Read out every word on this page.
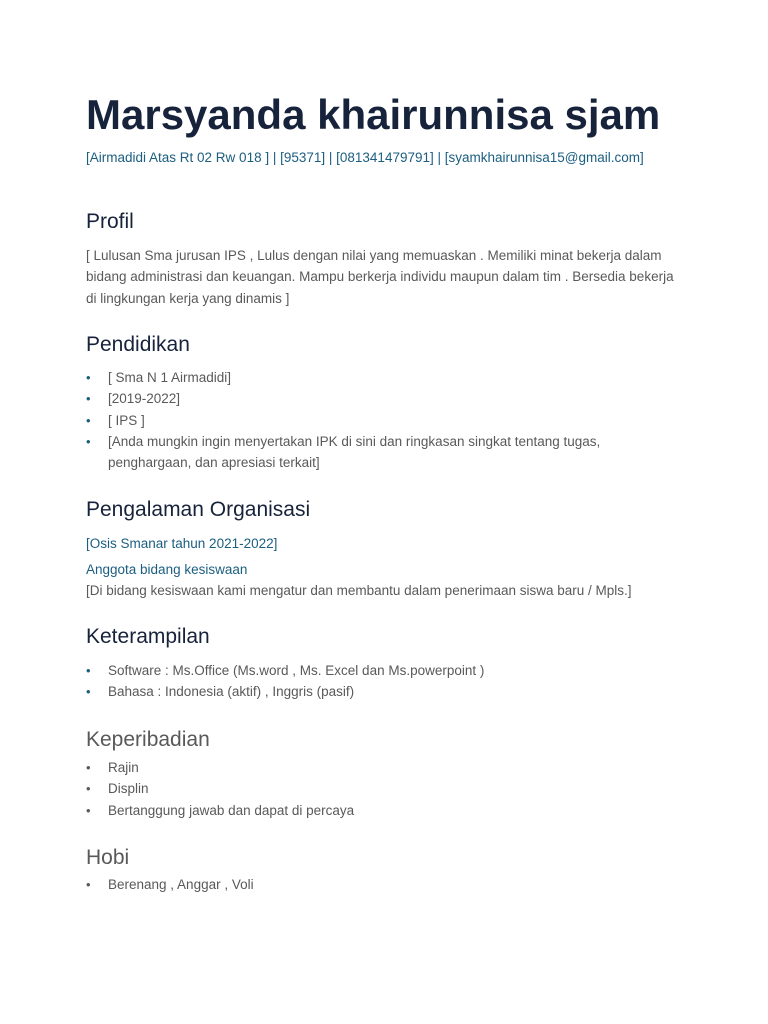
Marsyanda khairunnisa sjam

[Airmadidi Atas Rt 02 Rw 018 ] | [95371] | [081341479791] | [syamkhairunnisa15@gmail.com]

Profil

[ Lulusan Sma jurusan IPS , Lulus dengan nilai yang memuaskan . Memiliki minat bekerja dalam bidang administrasi dan keuangan. Mampu berkerja individu maupun dalam tim . Bersedia bekerja di lingkungan kerja yang dinamis ]

Pendidikan
• [ Sma N 1 Airmadidi]
• [2019-2022]
• [ IPS ]
• [Anda mungkin ingin menyertakan IPK di sini dan ringkasan singkat tentang tugas, penghargaan, dan apresiasi terkait]
Pengalaman Organisasi

[Osis Smanar tahun 2021-2022]

Anggota bidang kesiswaan

[Di bidang kesiswaan kami mengatur dan membantu dalam penerimaan siswa baru / Mpls.]

Keterampilan
• Software : Ms.Office (Ms.word , Ms. Excel dan Ms.powerpoint )
• Bahasa : Indonesia (aktif) , Inggris (pasif)
Keperibadian
• Rajin
• Displin
• Bertanggung jawab dan dapat di percaya
Hobi
• Berenang , Anggar , Voli
